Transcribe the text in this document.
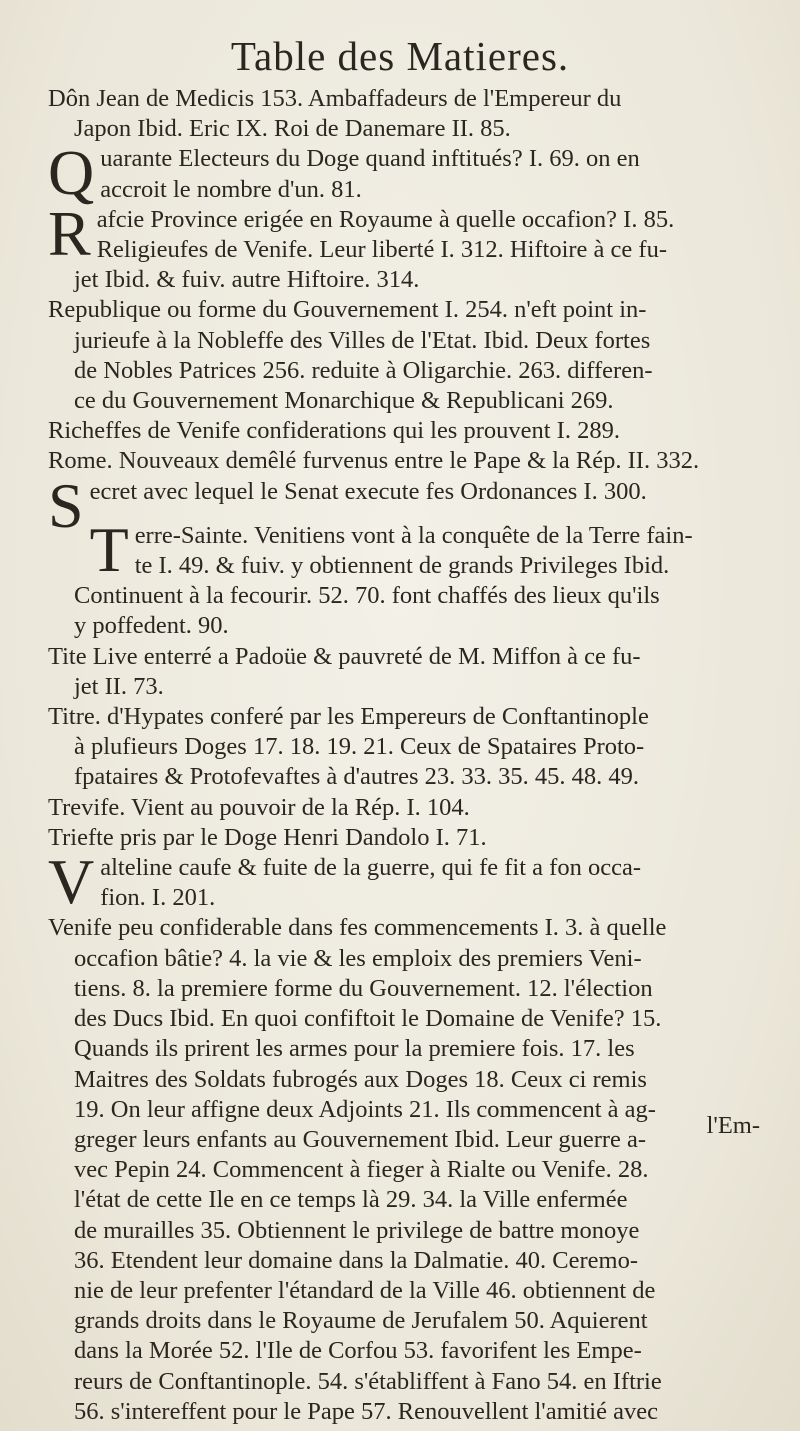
Table des Matieres.
Dôn Jean de Medicis 153. Ambaffadeurs de l'Empereur du
Japon Ibid. Eric IX. Roi de Danemare II. 85.
Q uarante Electeurs du Doge quand inftitués? I. 69. on en
accroit le nombre d'un. 81.
R afcie Province erigée en Royaume à quelle occafion? I. 85.
Religieufes de Venife. Leur liberté I. 312. Hiftoire à ce fu-
jet Ibid. & fuiv. autre Hiftoire. 314.
Republique ou forme du Gouvernement I. 254. n'eft point in-
jurieufe à la Nobleffe des Villes de l'Etat. Ibid. Deux fortes
de Nobles Patrices 256. reduite à Oligarchie. 263. differen-
ce du Gouvernement Monarchique & Republicani 269.
Richeffes de Venife confiderations qui les prouvent I. 289.
Rome. Nouveaux demêlé furvenus entre le Pape & la Rép. II. 332.
S ecret avec lequel le Senat execute fes Ordonances I. 300.
T erre-Sainte. Venitiens vont à la conquête de la Terre fain-
te I. 49. & fuiv. y obtiennent de grands Privileges Ibid.
Continuent à la fecourir. 52. 70. font chaffés des lieux qu'ils
y poffedent. 90.
Tite Live enterré a Padoüe & pauvreté de M. Miffon à ce fu-
jet II. 73.
Titre. d'Hypates conferé par les Empereurs de Conftantinople
à plufieurs Doges 17. 18. 19. 21. Ceux de Spataires Proto-
fpataires & Protofevaftes à d'autres 23. 33. 35. 45. 48. 49.
Trevife. Vient au pouvoir de la Rép. I. 104.
Triefte pris par le Doge Henri Dandolo I. 71.
V alteline caufe & fuite de la guerre, qui fe fit a fon occa-
fion. I. 201.
Venife peu confiderable dans fes commencements I. 3. à quelle
occafion bâtie? 4. la vie & les emploix des premiers Veni-
tiens. 8. la premiere forme du Gouvernement. 12. l'élection
des Ducs Ibid. En quoi confiftoit le Domaine de Venife? 15.
Quands ils prirent les armes pour la premiere fois. 17. les
Maitres des Soldats fubrogés aux Doges 18. Ceux ci remis
19. On leur affigne deux Adjoints 21. Ils commencent à ag-
greger leurs enfants au Gouvernement Ibid. Leur guerre a-
vec Pepin 24. Commencent à fieger à Rialte ou Venife. 28.
l'état de cette Ile en ce temps là 29. 34. la Ville enfermée
de murailles 35. Obtiennent le privilege de battre monoye
36. Etendent leur domaine dans la Dalmatie. 40. Ceremo-
nie de leur prefenter l'étandard de la Ville 46. obtiennent de
grands droits dans le Royaume de Jerufalem 50. Aquierent
dans la Morée 52. l'Ile de Corfou 53. favorifent les Empe-
reurs de Conftantinople. 54. s'établiffent à Fano 54. en Iftrie
56. s'intereffent pour le Pape 57. Renouvellent l'amitié avec
l'Em-
